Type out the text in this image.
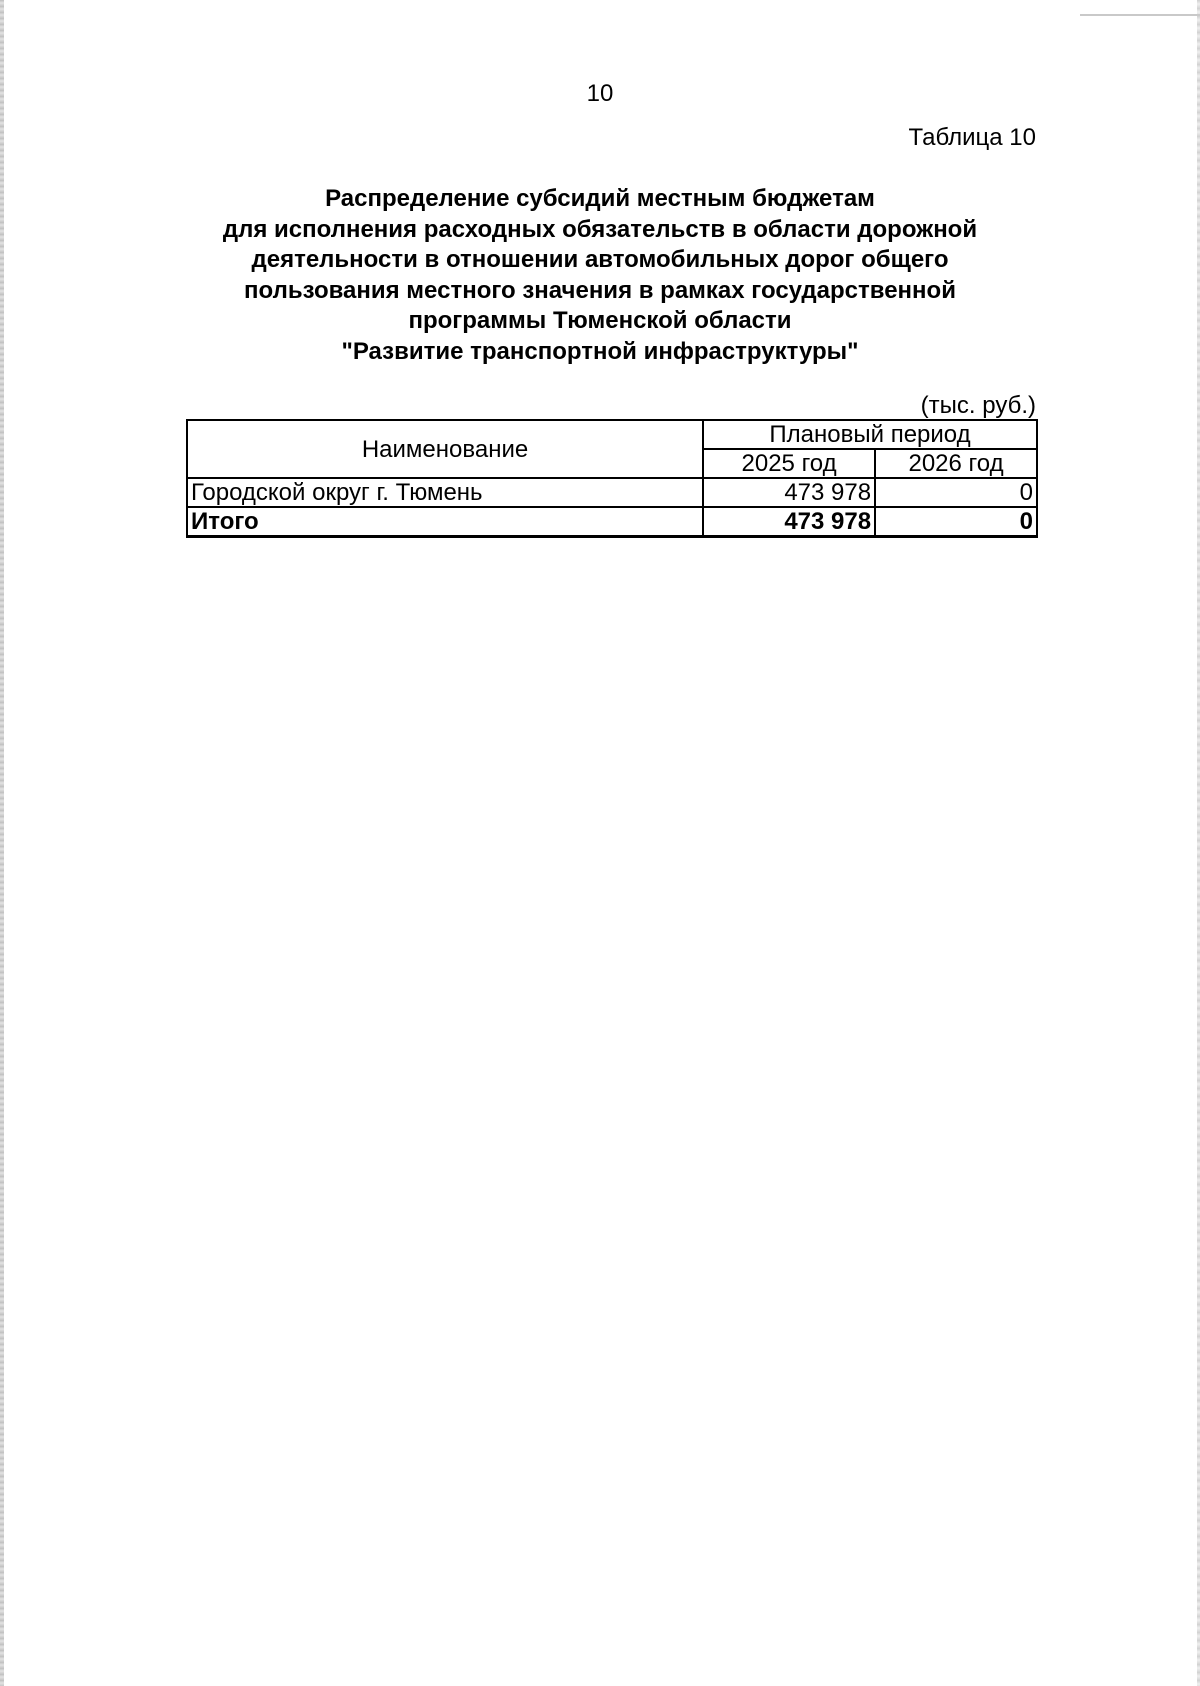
10
Таблица 10
Распределение субсидий местным бюджетам
для исполнения расходных обязательств в области дорожной
деятельности в отношении автомобильных дорог общего
пользования местного значения в рамках государственной
программы Тюменской области
"Развитие транспортной инфраструктуры"
(тыс. руб.)
Наименование	Плановый период	
	2025 год	2026 год
Городской округ г. Тюмень	473 978	0
Итого	473 978	0
